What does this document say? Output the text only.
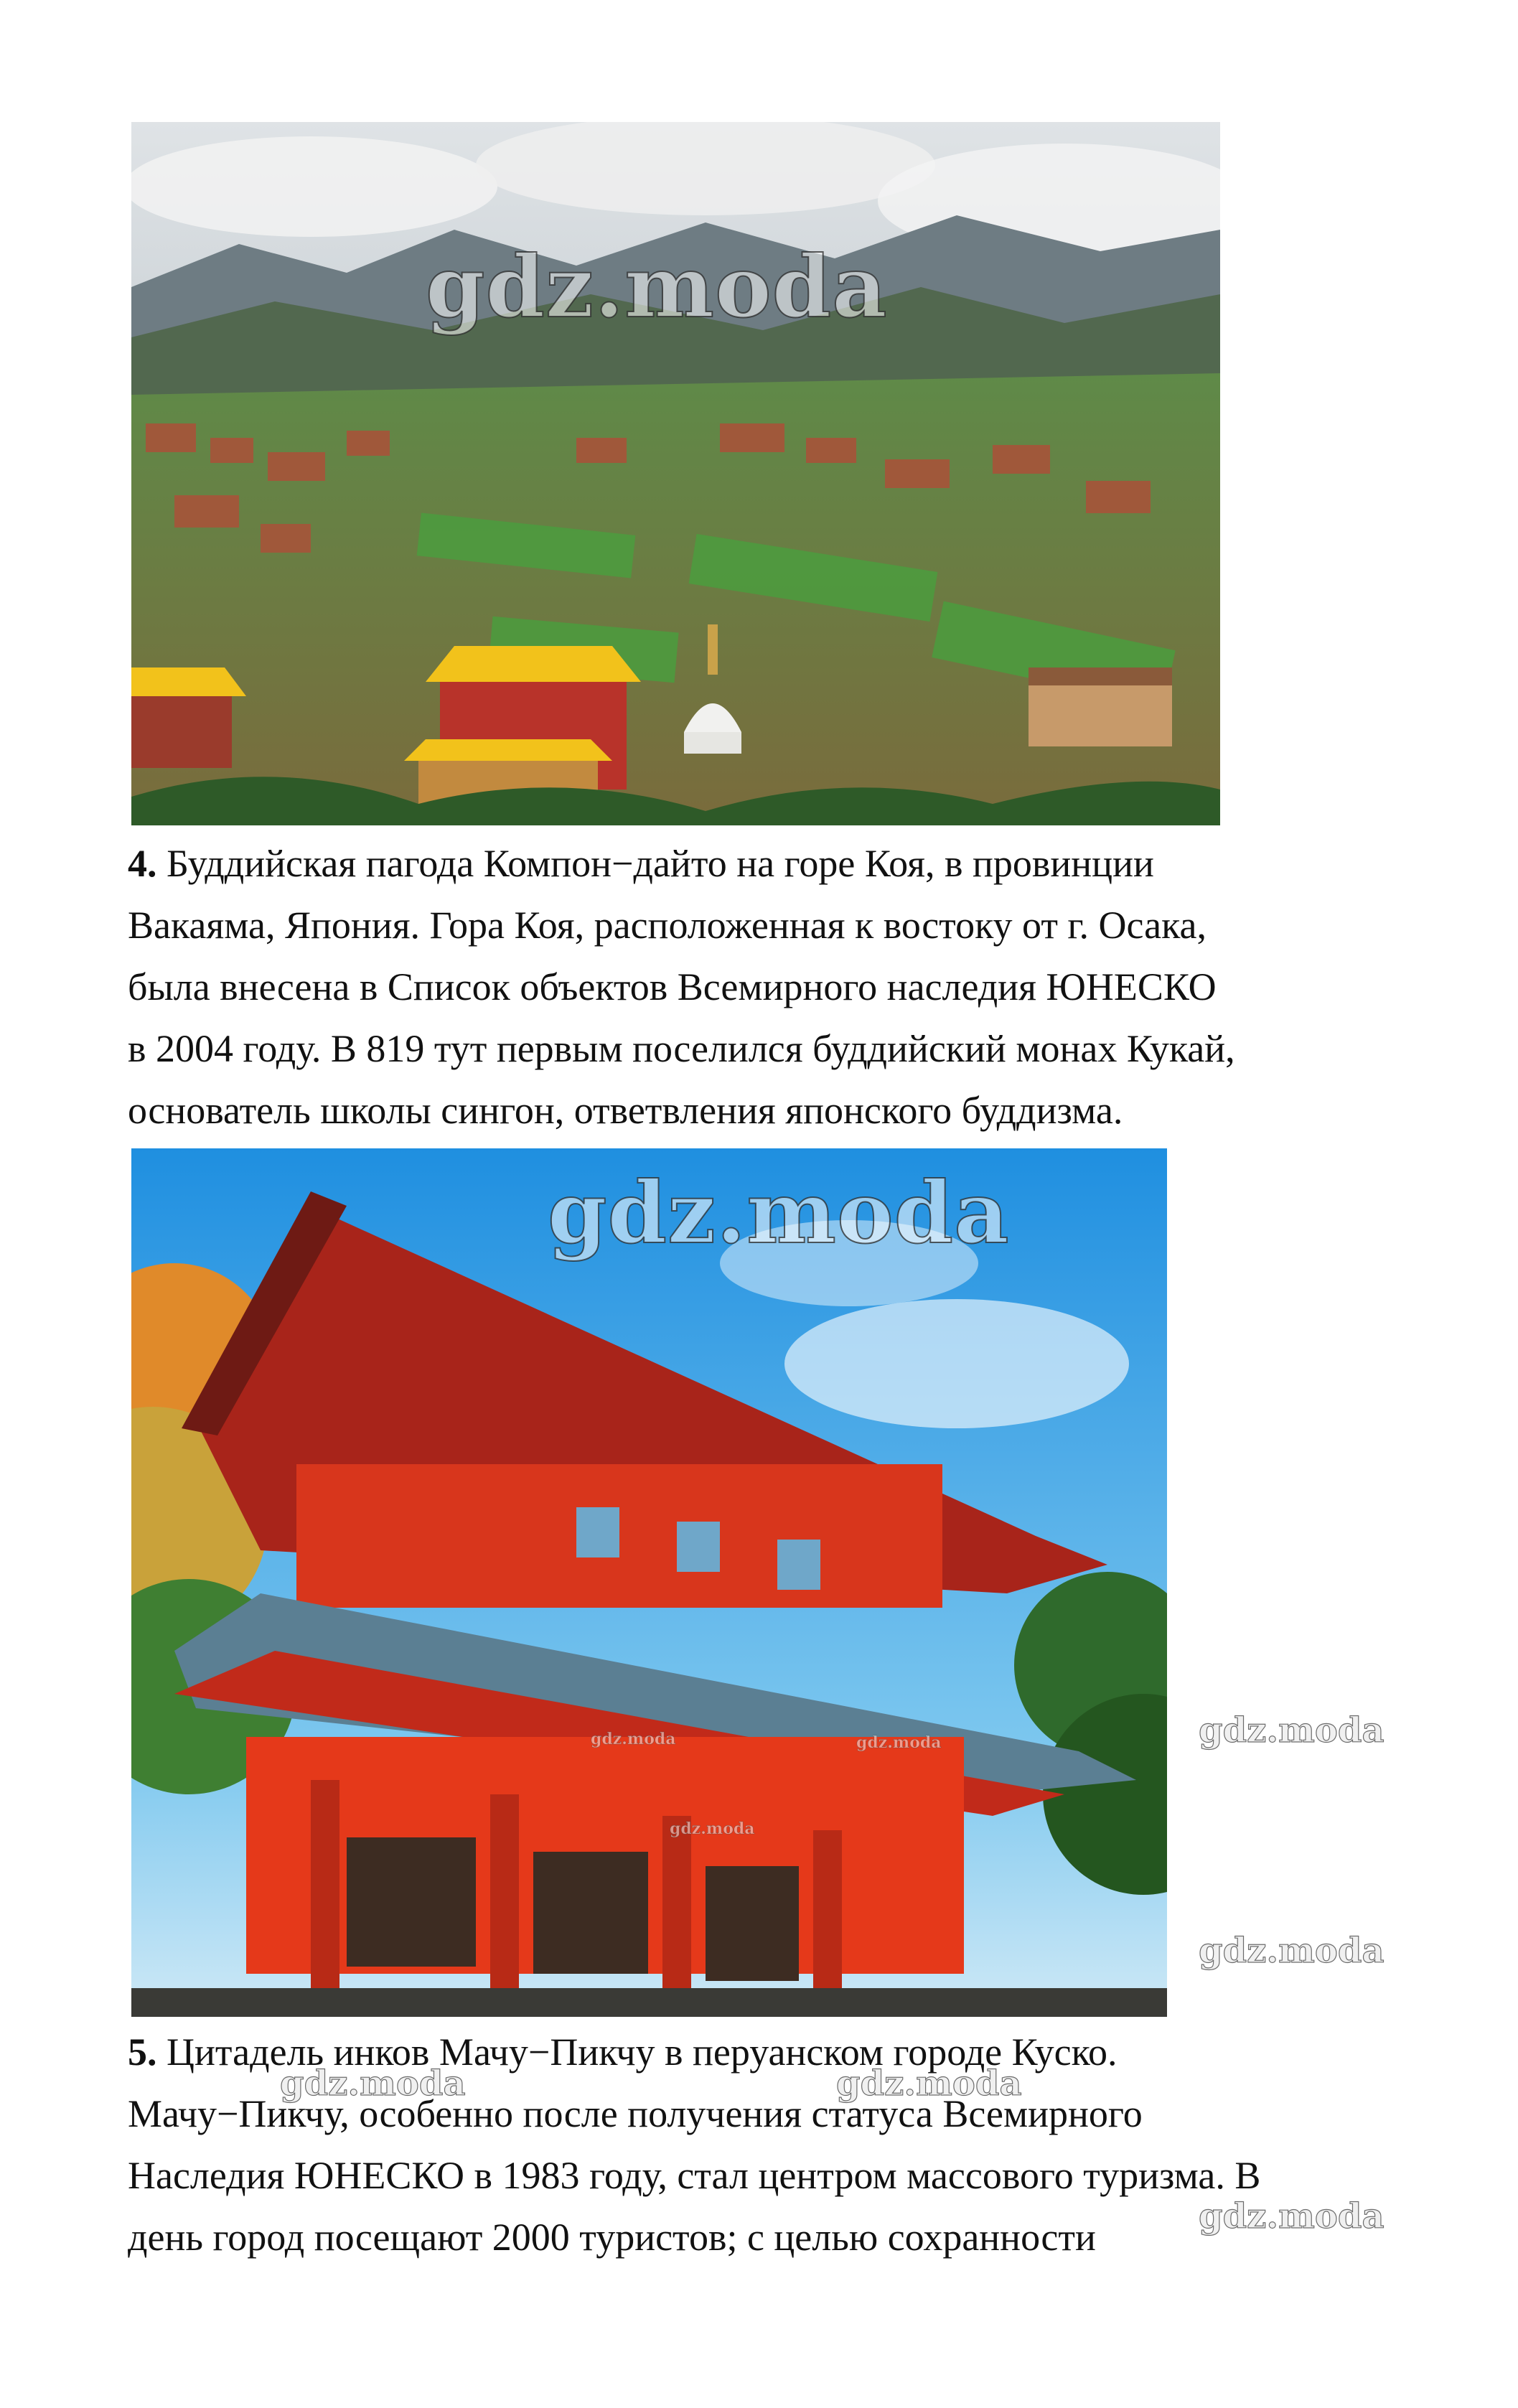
gdz.moda
4. Буддийская пагода Компон−дайто на горе Коя, в провинции
Вакаяма, Япония. Гора Коя, расположенная к востоку от г. Осака,
была внесена в Список объектов Всемирного наследия ЮНЕСКО
в 2004 году. В 819 тут первым поселился буддийский монах Кукай,
основатель школы сингон, ответвления японского буддизма.
gdz.moda
gdz.moda	gdz.moda
gdz.moda
gdz.moda
gdz.moda
gdz.moda
gdz.moda	gdz.moda
5. Цитадель инков Мачу−Пикчу в перуанском городе Куско.
Мачу−Пикчу, особенно после получения статуса Всемирного
Наследия ЮНЕСКО в 1983 году, стал центром массового туризма. В
день город посещают 2000 туристов; с целью сохранности
